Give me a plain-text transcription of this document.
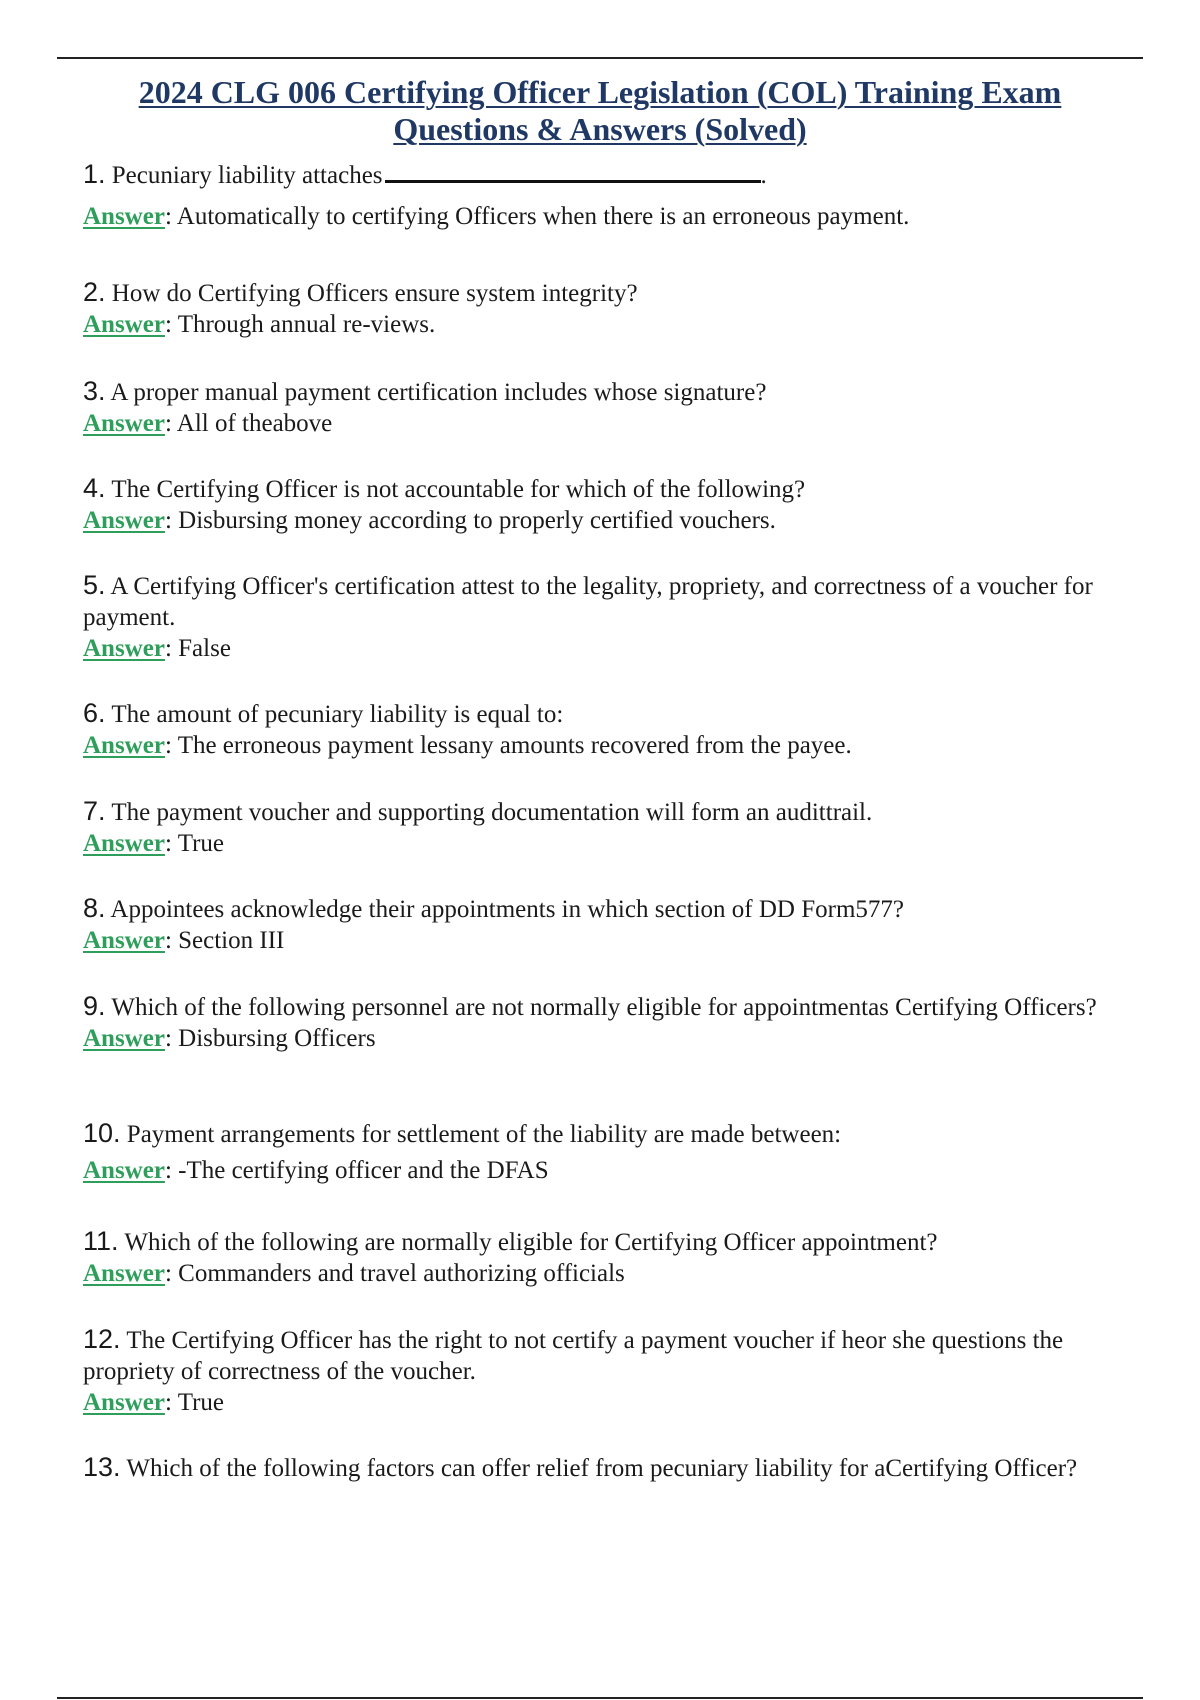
2024 CLG 006 Certifying Officer Legislation (COL) Training Exam
Questions & Answers (Solved)
1. Pecuniary liability attaches	.
Answer: Automatically to certifying Officers when there is an erroneous payment.
2. How do Certifying Officers ensure system integrity?
Answer: Through annual re-views.
3. A proper manual payment certification includes whose signature?
Answer: All of theabove
4. The Certifying Officer is not accountable for which of the following?
Answer: Disbursing money according to properly certified vouchers.
5. A Certifying Officer's certification attest to the legality, propriety, and correctness of a voucher for payment.
Answer: False
6. The amount of pecuniary liability is equal to:
Answer: The erroneous payment lessany amounts recovered from the payee.
7. The payment voucher and supporting documentation will form an audittrail.
Answer: True
8. Appointees acknowledge their appointments in which section of DD Form577?
Answer: Section III
9. Which of the following personnel are not normally eligible for appointmentas Certifying Officers?
Answer: Disbursing Officers
10. Payment arrangements for settlement of the liability are made between:
Answer: -The certifying officer and the DFAS
11. Which of the following are normally eligible for Certifying Officer appointment?
Answer: Commanders and travel authorizing officials
12. The Certifying Officer has the right to not certify a payment voucher if heor she questions the propriety of correctness of the voucher.
Answer: True
13. Which of the following factors can offer relief from pecuniary liability for aCertifying Officer?
